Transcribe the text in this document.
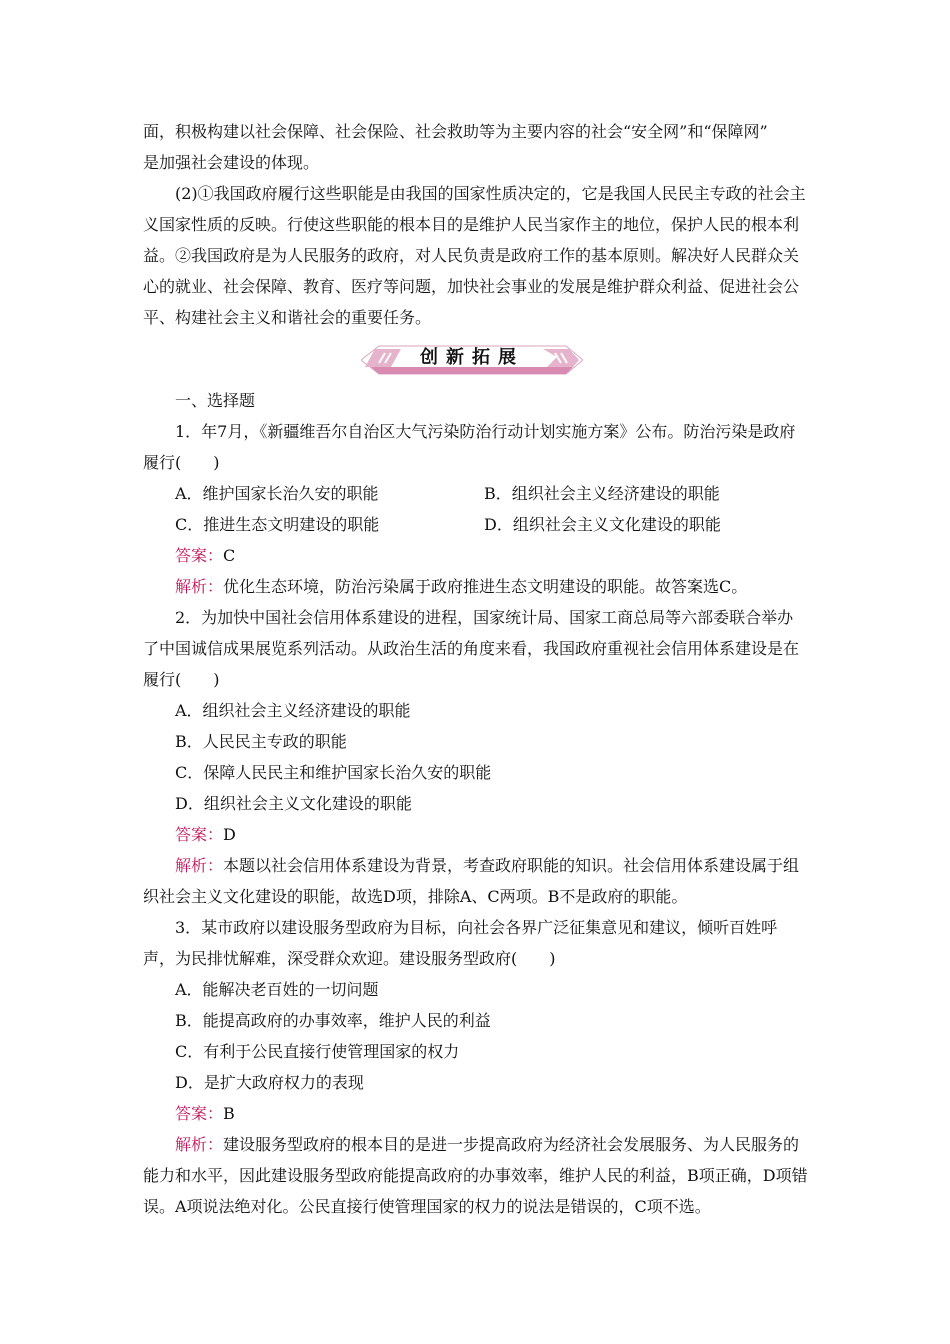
面，积极构建以社会保障、社会保险、社会救助等为主要内容的社会“安全网”和“保障网”

是加强社会建设的体现。

(2)①我国政府履行这些职能是由我国的国家性质决定的，它是我国人民民主专政的社会主义国家性质的反映。行使这些职能的根本目的是维护人民当家作主的地位，保护人民的根本利益。②我国政府是为人民服务的政府，对人民负责是政府工作的基本原则。解决好人民群众关心的就业、社会保障、教育、医疗等问题，加快社会事业的发展是维护群众利益、促进社会公平、构建社会主义和谐社会的重要任务。

创新拓展

一、选择题

1．年7月，《新疆维吾尔自治区大气污染防治行动计划实施方案》公布。防治污染是政府履行(　　)

A．维护国家长治久安的职能	B．组织社会主义经济建设的职能
C．推进生态文明建设的职能	D．组织社会主义文化建设的职能

答案：C

解析：优化生态环境，防治污染属于政府推进生态文明建设的职能。故答案选C。

2．为加快中国社会信用体系建设的进程，国家统计局、国家工商总局等六部委联合举办了中国诚信成果展览系列活动。从政治生活的角度来看，我国政府重视社会信用体系建设是在履行(　　)

A．组织社会主义经济建设的职能

B．人民民主专政的职能

C．保障人民民主和维护国家长治久安的职能

D．组织社会主义文化建设的职能

答案：D

解析：本题以社会信用体系建设为背景，考查政府职能的知识。社会信用体系建设属于组织社会主义文化建设的职能，故选D项，排除A、C两项。B不是政府的职能。

3．某市政府以建设服务型政府为目标，向社会各界广泛征集意见和建议，倾听百姓呼声，为民排忧解难，深受群众欢迎。建设服务型政府(　　)

A．能解决老百姓的一切问题

B．能提高政府的办事效率，维护人民的利益

C．有利于公民直接行使管理国家的权力

D．是扩大政府权力的表现

答案：B

解析：建设服务型政府的根本目的是进一步提高政府为经济社会发展服务、为人民服务的能力和水平，因此建设服务型政府能提高政府的办事效率，维护人民的利益，B项正确，D项错误。A项说法绝对化。公民直接行使管理国家的权力的说法是错误的，C项不选。
